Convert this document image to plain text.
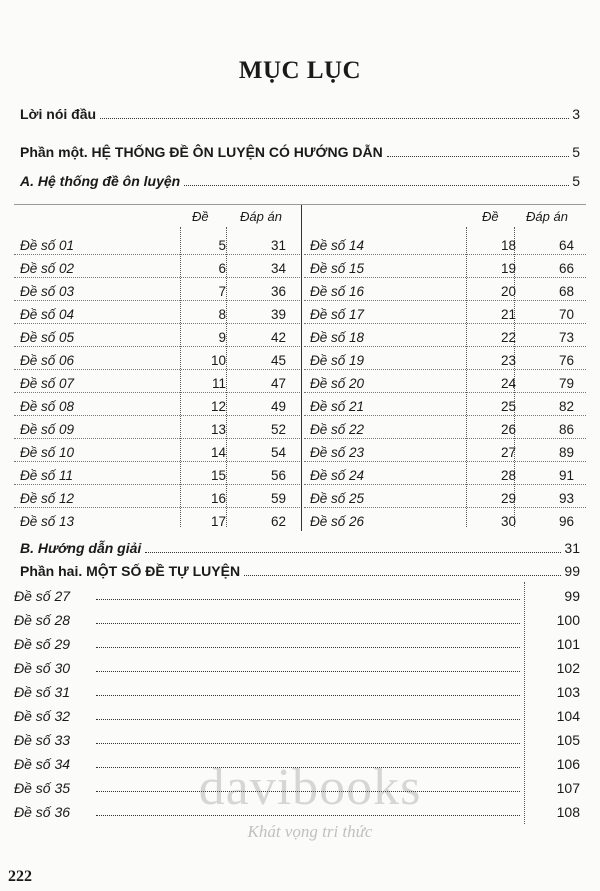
MỤC LỤC
Lời nói đầu	3
Phần một. HỆ THỐNG ĐỀ ÔN LUYỆN CÓ HƯỚNG DẪN	5
A. Hệ thống đề ôn luyện	5
Đề Đáp án	Đề Đáp án
Đề số 01	5	31
Đề số 02	6	34
Đề số 03	7	36
Đề số 04	8	39
Đề số 05	9	42
Đề số 06	10	45
Đề số 07	11	47
Đề số 08	12	49
Đề số 09	13	52
Đề số 10	14	54
Đề số 11	15	56
Đề số 12	16	59
Đề số 13	17	62
Đề số 14	18	64
Đề số 15	19	66
Đề số 16	20	68
Đề số 17	21	70
Đề số 18	22	73
Đề số 19	23	76
Đề số 20	24	79
Đề số 21	25	82
Đề số 22	26	86
Đề số 23	27	89
Đề số 24	28	91
Đề số 25	29	93
Đề số 26	30	96
B. Hướng dẫn giải	31
Phần hai. MỘT SỐ ĐỀ TỰ LUYỆN	99
Đề số 27	99
Đề số 28	100
Đề số 29	101
Đề số 30	102
Đề số 31	103
Đề số 32	104
Đề số 33	105
Đề số 34	106
Đề số 35	107
Đề số 36	108
davibooks
Khát vọng tri thức
222
